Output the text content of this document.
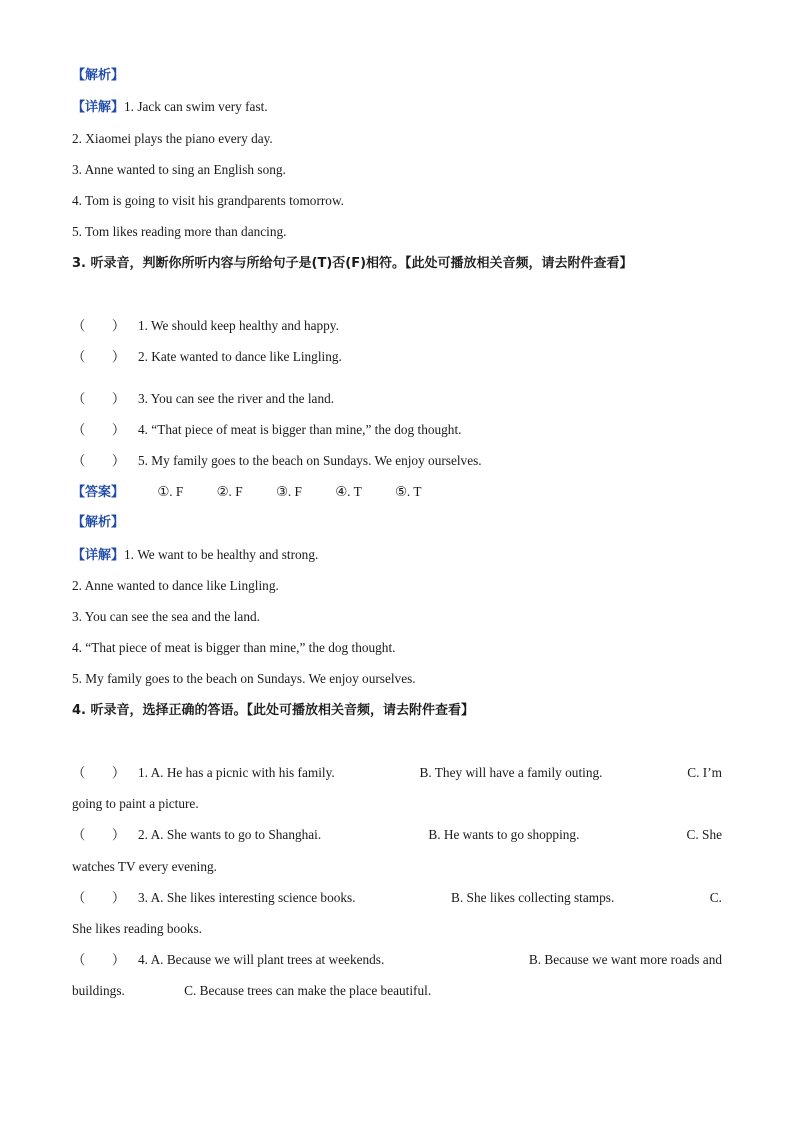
【解析】
【详解】1. Jack can swim very fast.
2. Xiaomei plays the piano every day.
3. Anne wanted to sing an English song.
4. Tom is going to visit his grandparents tomorrow.
5. Tom likes reading more than dancing.
3. 听录音，判断你所听内容与所给句子是(T)否(F)相符。【此处可播放相关音频，请去附件查看】
（　　） 1. We should keep healthy and happy.
（　　） 2. Kate wanted to dance like Lingling.
（　　） 3. You can see the river and the land.
（　　） 4. “That piece of meat is bigger than mine,” the dog thought.
（　　） 5. My family goes to the beach on Sundays. We enjoy ourselves.
【答案】	①. F	②. F	③. F	④. T	⑤. T
【解析】
【详解】1. We want to be healthy and strong.
2. Anne wanted to dance like Lingling.
3. You can see the sea and the land.
4. “That piece of meat is bigger than mine,” the dog thought.
5. My family goes to the beach on Sundays. We enjoy ourselves.
4. 听录音，选择正确的答语。【此处可播放相关音频，请去附件查看】
（　　） 1. A. He has a picnic with his family.	B. They will have a family outing.	C. I’m
going to paint a picture.
（　　） 2. A. She wants to go to Shanghai.	B. He wants to go shopping.	C. She
watches TV every evening.
（　　） 3. A. She likes interesting science books.	B. She likes collecting stamps.	C.
She likes reading books.
（　　） 4. A. Because we will plant trees at weekends.	B. Because we want more roads and
buildings.	C. Because trees can make the place beautiful.
